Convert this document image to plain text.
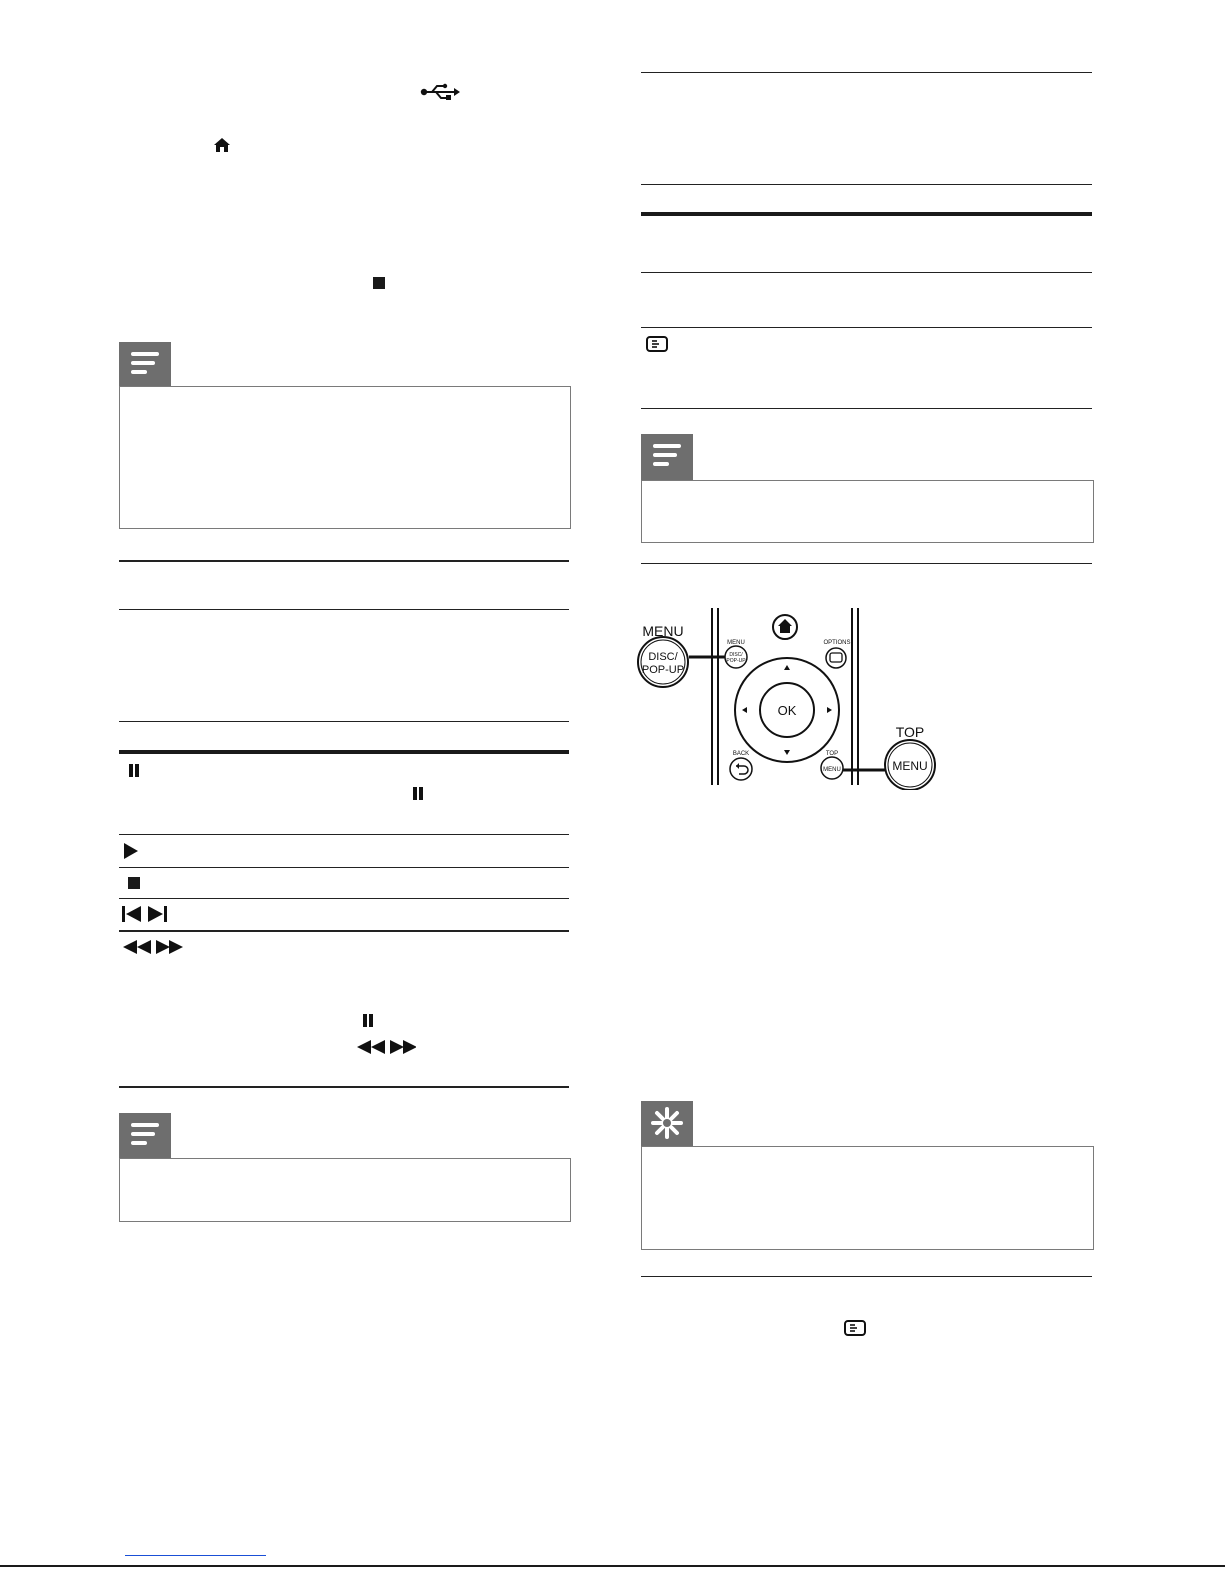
MENU
DISC/
POP-UP
MENU
DISC/
POP-UP
OPTIONS
OK
BACK	TOP
MENU
TOP
MENU
